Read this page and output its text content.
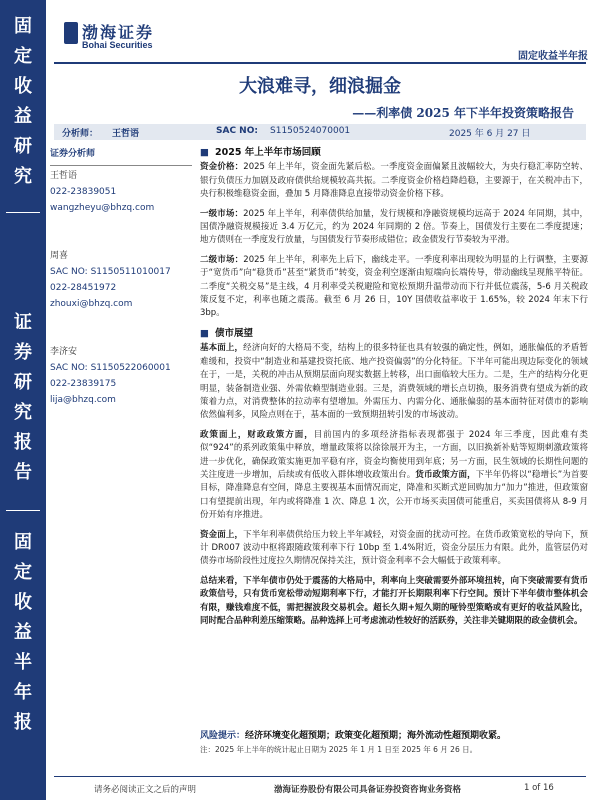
固
定
收
益
研
究
证
券
研
究
报
告
固
定
收
益
半
年
报
渤海证券
Bohai Securities
固定收益半年报
大浪难寻，细浪掘金
——利率债 2025 年下半年投资策略报告
分析师： 王哲语	SAC NO: S1150524070001	2025 年 6 月 27 日
证券分析师
王哲语
022-23839051
wangzheyu@bhzq.com
周喜
SAC NO: S1150511010017
022-28451972
zhouxi@bhzq.com
李济安
SAC NO: S1150522060001
022-23839175
lija@bhzq.com
■ 2025 年上半年市场回顾

资金价格：2025 年上半年，资金面先紧后松。一季度资金面偏紧且波幅较大，为央行稳汇率防空转、银行负债压力加剧及政府债供给规模较高共振。二季度资金价格趋降趋稳，主要源于，在关税冲击下，央行积极维稳资金面，叠加 5 月降准降息直接带动资金价格下移。

一级市场：2025 年上半年，利率债供给加量，发行规模和净融资规模均远高于 2024 年同期，其中，国债净融资规模接近 3.4 万亿元，约为 2024 年同期的 2 倍。节奏上，国债发行主要在二季度提速；地方债则在一季度发行放量，与国债发行节奏形成错位；政金债发行节奏较为平滑。

二级市场：2025 年上半年，利率先上后下，幽线走平。一季度利率出现较为明显的上行调整，主要源于“宽货币”向“稳货币”甚至“紧货币”转变，资金利空逐渐由短端向长端传导，带动幽线呈现熊平特征。二季度“关税交易”是主线，4 月利率受关税避险和宽松预期升温带动而下行并低位震荡，5-6 月关税政策反复不定，利率也随之震荡。截至 6 月 26 日，10Y 国债收益率收于 1.65%，较 2024 年末下行 3bp。

■ 债市展望

基本面上，经济向好的大格局不变，结构上的很多特征也具有较强的确定性，例如，通胀偏低的矛盾暂难缓和，投资中“制造业和基建投资托底、地产投资偏弱”的分化特征。下半年可能出现边际变化的领域在于，一是，关税的冲击从预期层面向现实数据上转移，出口面临较大压力。二是，生产的结构分化更明显，装备制造业强、外需依赖型制造业弱。三是，消费领域的增长点切换，服务消费有望成为新的政策着力点，对消费整体的拉动率有望增加。外需压力、内需分化、通胀偏弱的基本面特征对债市的影响依然偏利多，风险点则在于，基本面的一致预期扭转引发的市场波动。

政策面上，财政政策方面，目前国内的多项经济指标表现都强于 2024 年三季度，因此难有类似“924”的系列政策集中释放，增量政策将以徐徐展开为主，一方面，以旧换新补贴等短期刺激政策将进一步优化，确保政策实施更加平稳有序，资金均衡使用到年底；另一方面，民生领域的长期性问题的关注度进一步增加，后续或有低收入群体增收政策出台。货币政策方面，下半年仍将以“稳增长”为首要目标，降准降息有空间，降息主要视基本面情况而定，降准和买断式逆回购加力“加力”推进，但政策窗口有望提前出现，年内或将降准 1 次、降息 1 次，公开市场买卖国债可能重启，买卖国债将从 8-9 月份开始有序推进。

资金面上，下半年利率债供给压力较上半年减轻，对资金面的扰动可控。在货币政策宽松的导向下，预计 DR007 波动中枢将跟随政策利率下行 10bp 至 1.4%附近，资金分层压力有限。此外，监管层仍对债券市场阶段性过度拉久期情况保持关注，预计资金利率不会大幅低于政策利率。

总结来看，下半年债市仍处于震荡的大格局中，利率向上突破需要外部环境扭转，向下突破需要有货币政策信号，只有货币宽松带动短期利率下行，才能打开长期限利率下行空间。预计下半年债市整体机会有限，赚钱难度不低，需把握波段交易机会。超长久期+短久期的哑铃型策略或有更好的收益风险比，同时配合品种利差压缩策略。品种选择上可考虑流动性较好的活跃券，关注非关键期限的政金债机会。

风险提示：经济环境变化超预期；政策变化超预期；海外流动性超预期收紧。
注：2025 年上半年的统计起止日期为 2025 年 1 月 1 日至 2025 年 6 月 26 日。
请务必阅读正文之后的声明	渤海证券股份有限公司具备证券投资咨询业务资格	1 of 16
